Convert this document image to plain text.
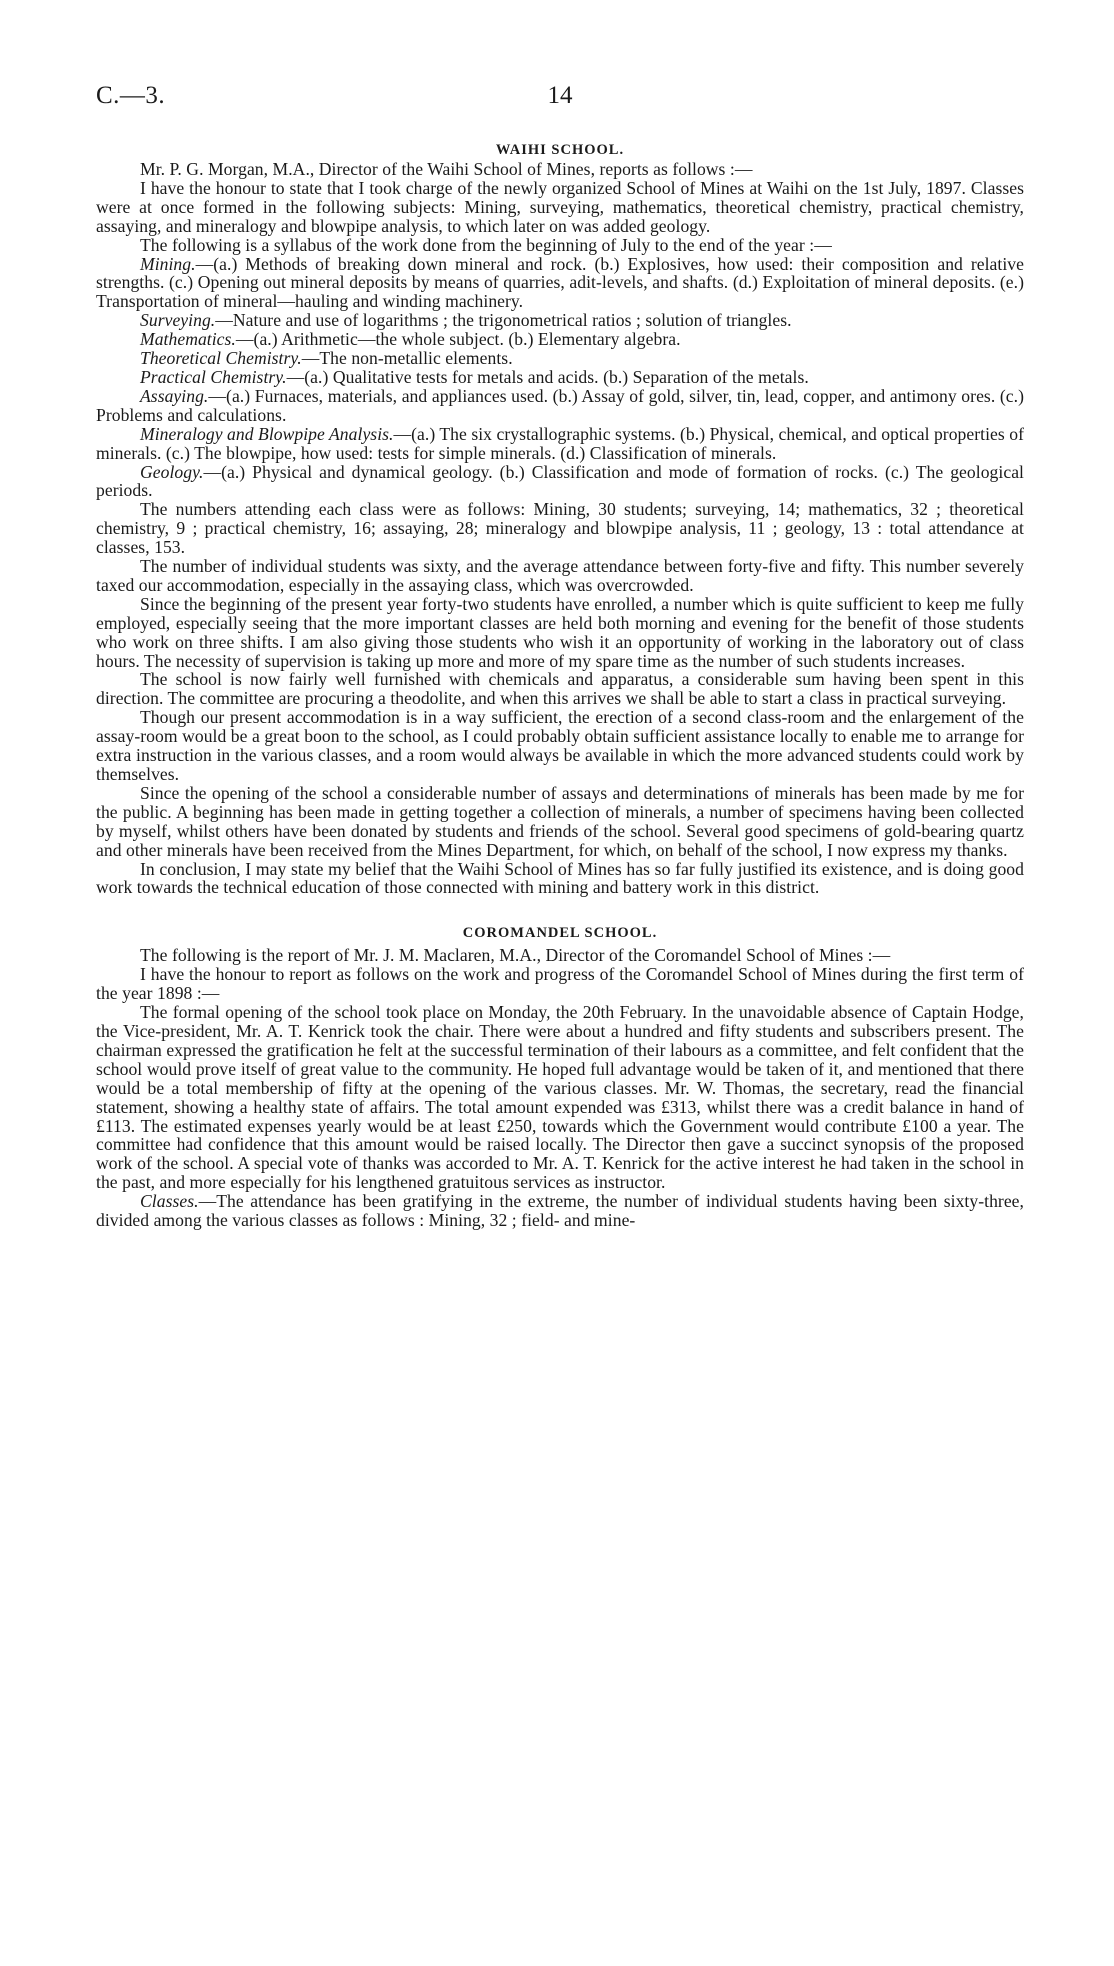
C.—3.	14
WAIHI SCHOOL.

Mr. P. G. Morgan, M.A., Director of the Waihi School of Mines, reports as follows :—

I have the honour to state that I took charge of the newly organized School of Mines at Waihi on the 1st July, 1897. Classes were at once formed in the following subjects: Mining, surveying, mathematics, theoretical chemistry, practical chemistry, assaying, and mineralogy and blowpipe analysis, to which later on was added geology.

The following is a syllabus of the work done from the beginning of July to the end of the year :—

Mining.—(a.) Methods of breaking down mineral and rock. (b.) Explosives, how used: their composition and relative strengths. (c.) Opening out mineral deposits by means of quarries, adit-levels, and shafts. (d.) Exploitation of mineral deposits. (e.) Transportation of mineral—hauling and winding machinery.

Surveying.—Nature and use of logarithms ; the trigonometrical ratios ; solution of triangles.

Mathematics.—(a.) Arithmetic—the whole subject. (b.) Elementary algebra.

Theoretical Chemistry.—The non-metallic elements.

Practical Chemistry.—(a.) Qualitative tests for metals and acids. (b.) Separation of the metals.

Assaying.—(a.) Furnaces, materials, and appliances used. (b.) Assay of gold, silver, tin, lead, copper, and antimony ores. (c.) Problems and calculations.

Mineralogy and Blowpipe Analysis.—(a.) The six crystallographic systems. (b.) Physical, chemical, and optical properties of minerals. (c.) The blowpipe, how used: tests for simple minerals. (d.) Classification of minerals.

Geology.—(a.) Physical and dynamical geology. (b.) Classification and mode of formation of rocks. (c.) The geological periods.

The numbers attending each class were as follows: Mining, 30 students; surveying, 14; mathematics, 32 ; theoretical chemistry, 9 ; practical chemistry, 16; assaying, 28; mineralogy and blowpipe analysis, 11 ; geology, 13 : total attendance at classes, 153.

The number of individual students was sixty, and the average attendance between forty-five and fifty. This number severely taxed our accommodation, especially in the assaying class, which was overcrowded.

Since the beginning of the present year forty-two students have enrolled, a number which is quite sufficient to keep me fully employed, especially seeing that the more important classes are held both morning and evening for the benefit of those students who work on three shifts. I am also giving those students who wish it an opportunity of working in the laboratory out of class hours. The necessity of supervision is taking up more and more of my spare time as the number of such students increases.

The school is now fairly well furnished with chemicals and apparatus, a considerable sum having been spent in this direction. The committee are procuring a theodolite, and when this arrives we shall be able to start a class in practical surveying.

Though our present accommodation is in a way sufficient, the erection of a second class-room and the enlargement of the assay-room would be a great boon to the school, as I could probably obtain sufficient assistance locally to enable me to arrange for extra instruction in the various classes, and a room would always be available in which the more advanced students could work by themselves.

Since the opening of the school a considerable number of assays and determinations of minerals has been made by me for the public. A beginning has been made in getting together a collection of minerals, a number of specimens having been collected by myself, whilst others have been donated by students and friends of the school. Several good specimens of gold-bearing quartz and other minerals have been received from the Mines Department, for which, on behalf of the school, I now express my thanks.

In conclusion, I may state my belief that the Waihi School of Mines has so far fully justified its existence, and is doing good work towards the technical education of those connected with mining and battery work in this district.

COROMANDEL SCHOOL.

The following is the report of Mr. J. M. Maclaren, M.A., Director of the Coromandel School of Mines :—

I have the honour to report as follows on the work and progress of the Coromandel School of Mines during the first term of the year 1898 :—

The formal opening of the school took place on Monday, the 20th February. In the unavoidable absence of Captain Hodge, the Vice-president, Mr. A. T. Kenrick took the chair. There were about a hundred and fifty students and subscribers present. The chairman expressed the gratification he felt at the successful termination of their labours as a committee, and felt confident that the school would prove itself of great value to the community. He hoped full advantage would be taken of it, and mentioned that there would be a total membership of fifty at the opening of the various classes. Mr. W. Thomas, the secretary, read the financial statement, showing a healthy state of affairs. The total amount expended was £313, whilst there was a credit balance in hand of £113. The estimated expenses yearly would be at least £250, towards which the Government would contribute £100 a year. The committee had confidence that this amount would be raised locally. The Director then gave a succinct synopsis of the proposed work of the school. A special vote of thanks was accorded to Mr. A. T. Kenrick for the active interest he had taken in the school in the past, and more especially for his lengthened gratuitous services as instructor.

Classes.—The attendance has been gratifying in the extreme, the number of individual students having been sixty-three, divided among the various classes as follows : Mining, 32 ; field- and mine-
